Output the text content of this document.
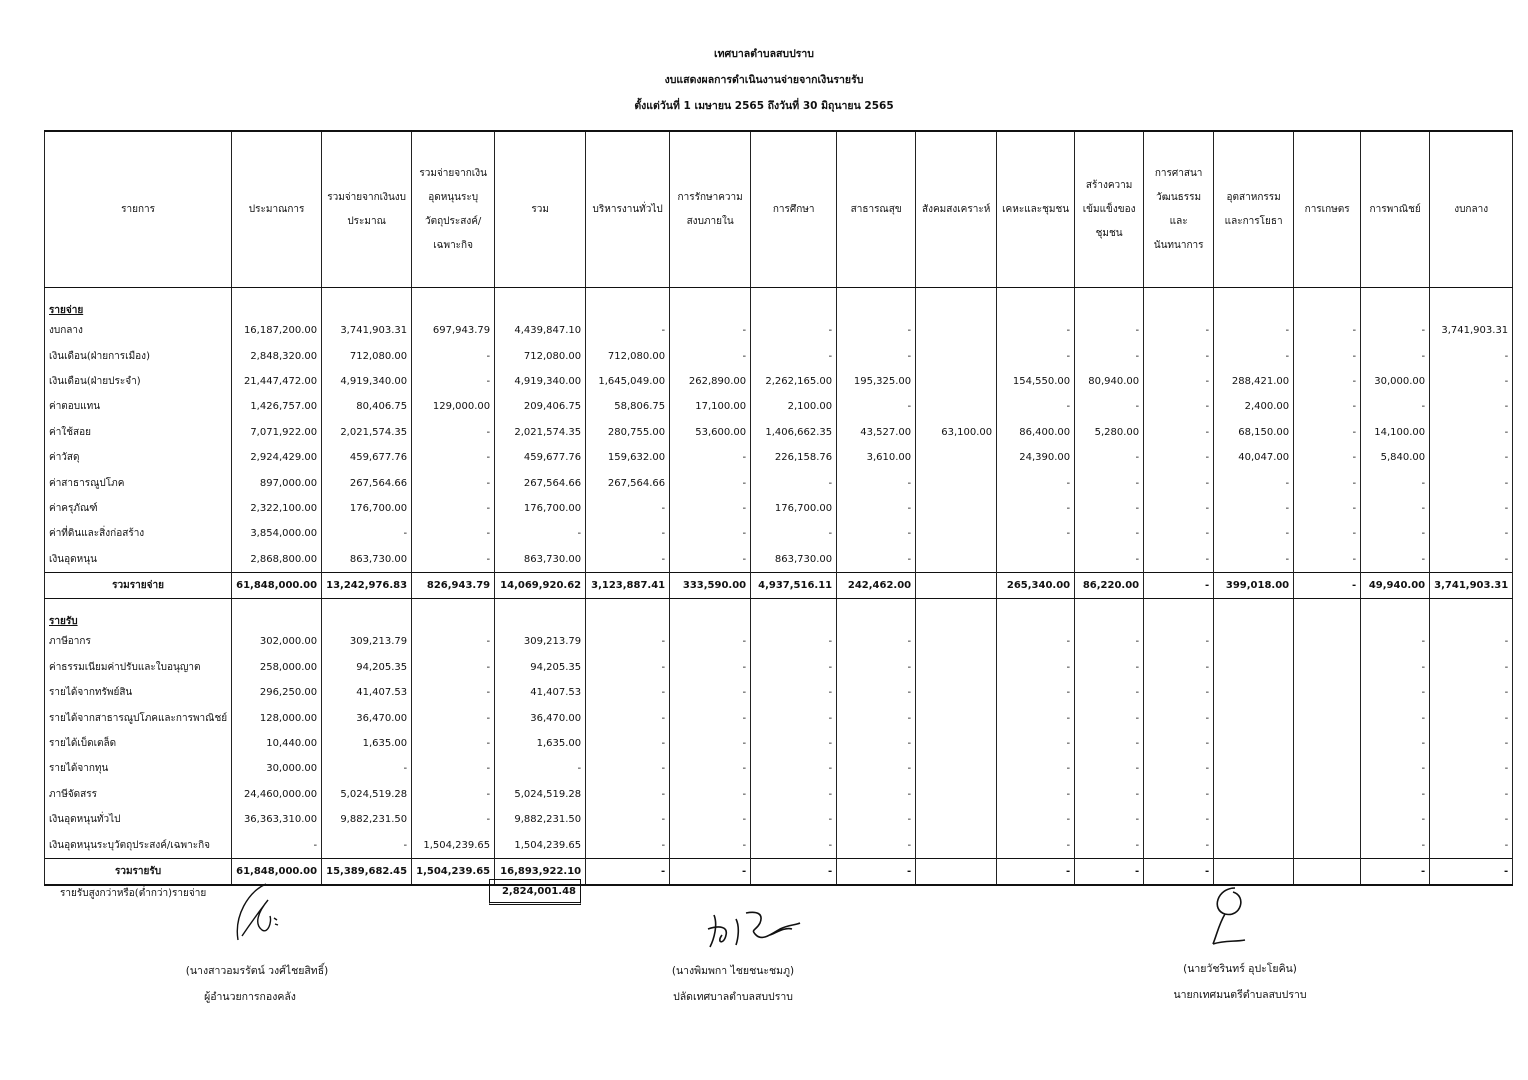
เทศบาลตำบลสบปราบ
งบแสดงผลการดำเนินงานจ่ายจากเงินรายรับ
ตั้งแต่วันที่ 1 เมษายน 2565 ถึงวันที่ 30 มิถุนายน 2565
รายการ	ประมาณการ	รวมจ่ายจากเงินงบประมาณ	รวมจ่ายจากเงินอุดหนุนระบุวัตถุประสงค์/เฉพาะกิจ	รวม	บริหารงานทั่วไป	การรักษาความสงบภายใน	การศึกษา	สาธารณสุข	สังคมสงเคราะห์	เคหะและชุมชน	สร้างความเข้มแข็งของชุมชน	การศาสนาวัฒนธรรมและนันทนาการ	อุตสาหกรรมและการโยธา	การเกษตร	การพาณิชย์	งบกลาง
รายจ่าย																
งบกลาง	16,187,200.00	3,741,903.31	697,943.79	4,439,847.10	-	-	-	-		-	-	-	-	-	-	3,741,903.31
เงินเดือน(ฝ่ายการเมือง)	2,848,320.00	712,080.00	-	712,080.00	712,080.00	-	-	-		-	-	-	-	-	-	-
เงินเดือน(ฝ่ายประจำ)	21,447,472.00	4,919,340.00	-	4,919,340.00	1,645,049.00	262,890.00	2,262,165.00	195,325.00		154,550.00	80,940.00	-	288,421.00	-	30,000.00	-
ค่าตอบแทน	1,426,757.00	80,406.75	129,000.00	209,406.75	58,806.75	17,100.00	2,100.00	-		-	-	-	2,400.00	-	-	-
ค่าใช้สอย	7,071,922.00	2,021,574.35	-	2,021,574.35	280,755.00	53,600.00	1,406,662.35	43,527.00	63,100.00	86,400.00	5,280.00	-	68,150.00	-	14,100.00	-
ค่าวัสดุ	2,924,429.00	459,677.76	-	459,677.76	159,632.00	-	226,158.76	3,610.00		24,390.00	-	-	40,047.00	-	5,840.00	-
ค่าสาธารณูปโภค	897,000.00	267,564.66	-	267,564.66	267,564.66	-	-	-		-	-	-	-	-	-	-
ค่าครุภัณฑ์	2,322,100.00	176,700.00	-	176,700.00	-	-	176,700.00	-		-	-	-	-	-	-	-
ค่าที่ดินและสิ่งก่อสร้าง	3,854,000.00	-	-	-	-	-	-	-		-	-	-	-	-	-	-
เงินอุดหนุน	2,868,800.00	863,730.00	-	863,730.00	-	-	863,730.00	-			-	-	-	-	-	-
รวมรายจ่าย	61,848,000.00	13,242,976.83	826,943.79	14,069,920.62	3,123,887.41	333,590.00	4,937,516.11	242,462.00		265,340.00	86,220.00	-	399,018.00	-	49,940.00	3,741,903.31
รายรับ																
ภาษีอากร	302,000.00	309,213.79	-	309,213.79	-	-	-	-		-	-	-			-	-
ค่าธรรมเนียมค่าปรับและใบอนุญาต	258,000.00	94,205.35	-	94,205.35	-	-	-	-		-	-	-			-	-
รายได้จากทรัพย์สิน	296,250.00	41,407.53	-	41,407.53	-	-	-	-		-	-	-			-	-
รายได้จากสาธารณูปโภคและการพาณิชย์	128,000.00	36,470.00	-	36,470.00	-	-	-	-		-	-	-			-	-
รายได้เบ็ดเตล็ด	10,440.00	1,635.00	-	1,635.00	-	-	-	-		-	-	-			-	-
รายได้จากทุน	30,000.00	-	-	-	-	-	-	-		-	-	-			-	-
ภาษีจัดสรร	24,460,000.00	5,024,519.28	-	5,024,519.28	-	-	-	-		-	-	-			-	-
เงินอุดหนุนทั่วไป	36,363,310.00	9,882,231.50	-	9,882,231.50	-	-	-	-		-	-	-			-	-
เงินอุดหนุนระบุวัตถุประสงค์/เฉพาะกิจ	-	-	1,504,239.65	1,504,239.65	-	-	-	-		-	-	-			-	-
รวมรายรับ	61,848,000.00	15,389,682.45	1,504,239.65	16,893,922.10	-	-	-	-		-	-	-			-	-
รายรับสูงกว่าหรือ(ต่ำกว่า)รายจ่าย	2,824,001.48
(นางสาวอมรรัตน์ วงศ์ไชยสิทธิ์)
ผู้อำนวยการกองคลัง
(นางพิมพกา ไชยชนะชมภู)
ปลัดเทศบาลตำบลสบปราบ
(นายวัชรินทร์ อุปะโยคิน)
นายกเทศมนตรีตำบลสบปราบ
